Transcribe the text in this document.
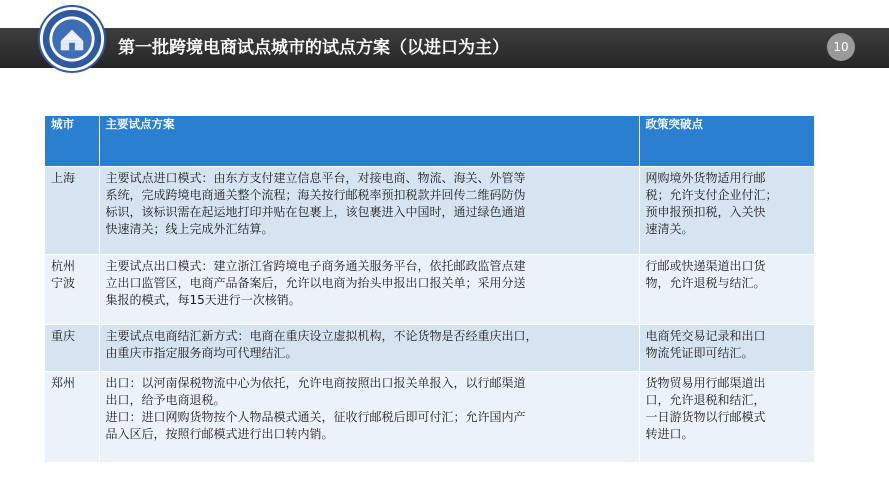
第一批跨境电商试点城市的试点方案（以进口为主）	10
城市	主要试点方案	政策突破点

上海	主要试点进口模式：由东方支付建立信息平台，对接电商、物流、海关、外管等
系统，完成跨境电商通关整个流程；海关按行邮税率预扣税款并回传二维码防伪
标识，该标识需在起运地打印并贴在包裹上，该包裹进入中国时，通过绿色通道
快速清关；线上完成外汇结算。	网购境外货物适用行邮
税；允许支付企业付汇；
预申报预扣税，入关快
速清关。

杭州
宁波	主要试点出口模式：建立浙江省跨境电子商务通关服务平台，依托邮政监管点建
立出口监管区，电商产品备案后，允许以电商为抬头申报出口报关单；采用分送
集报的模式，每15天进行一次核销。	行邮或快递渠道出口货
物，允许退税与结汇。

重庆	主要试点电商结汇新方式：电商在重庆设立虚拟机构，不论货物是否经重庆出口，
由重庆市指定服务商均可代理结汇。	电商凭交易记录和出口
物流凭证即可结汇。

郑州	出口：以河南保税物流中心为依托，允许电商按照出口报关单报入，以行邮渠道
出口，给予电商退税。
进口：进口网购货物按个人物品模式通关，征收行邮税后即可付汇；允许国内产
品入区后，按照行邮模式进行出口转内销。	货物贸易用行邮渠道出
口，允许退税和结汇，
一日游货物以行邮模式
转进口。
